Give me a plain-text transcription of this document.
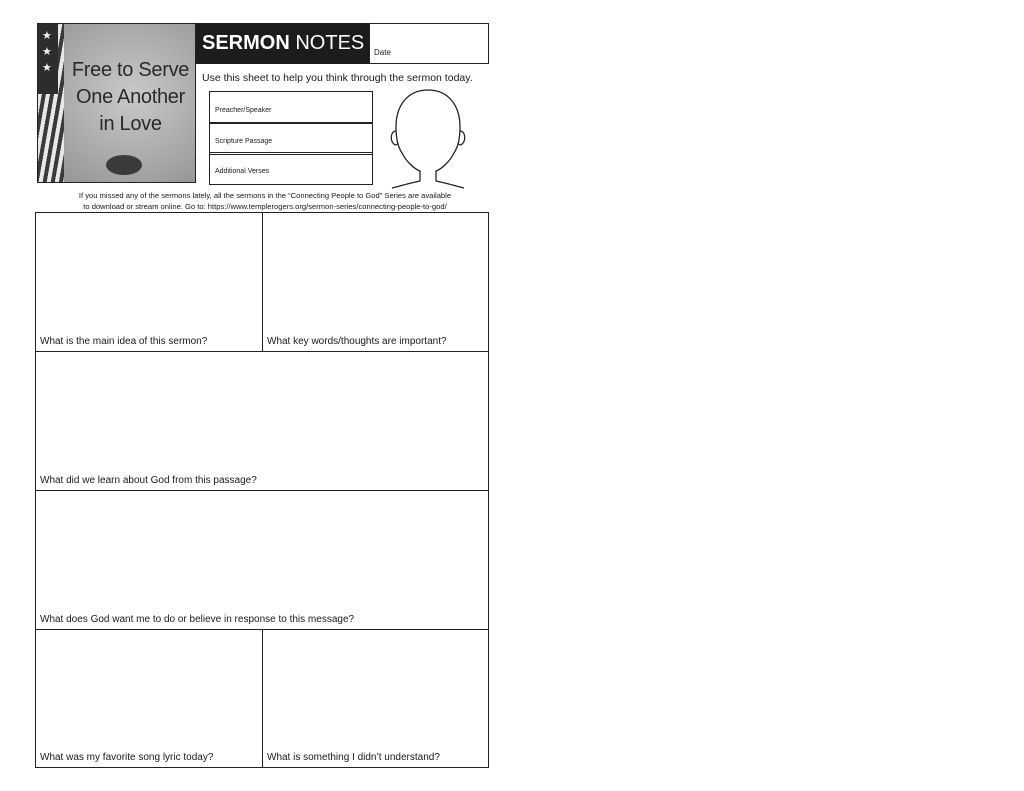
★
★
★ Free to Serve
One Another
in Love
SERMON NOTES	Date
Use this sheet to help you think through the sermon today.
Preacher/Speaker
Scripture Passage
Additional Verses
If you missed any of the sermons lately, all the sermons in the “Connecting People to God” Series are available
to download or stream online. Go to: https://www.templerogers.org/sermon-series/connecting-people-to-god/
What is the main idea of this sermon?	What key words/thoughts are important?
What did we learn about God from this passage?
What does God want me to do or believe in response to this message?
What was my favorite song lyric today?	What is something I didn’t understand?
